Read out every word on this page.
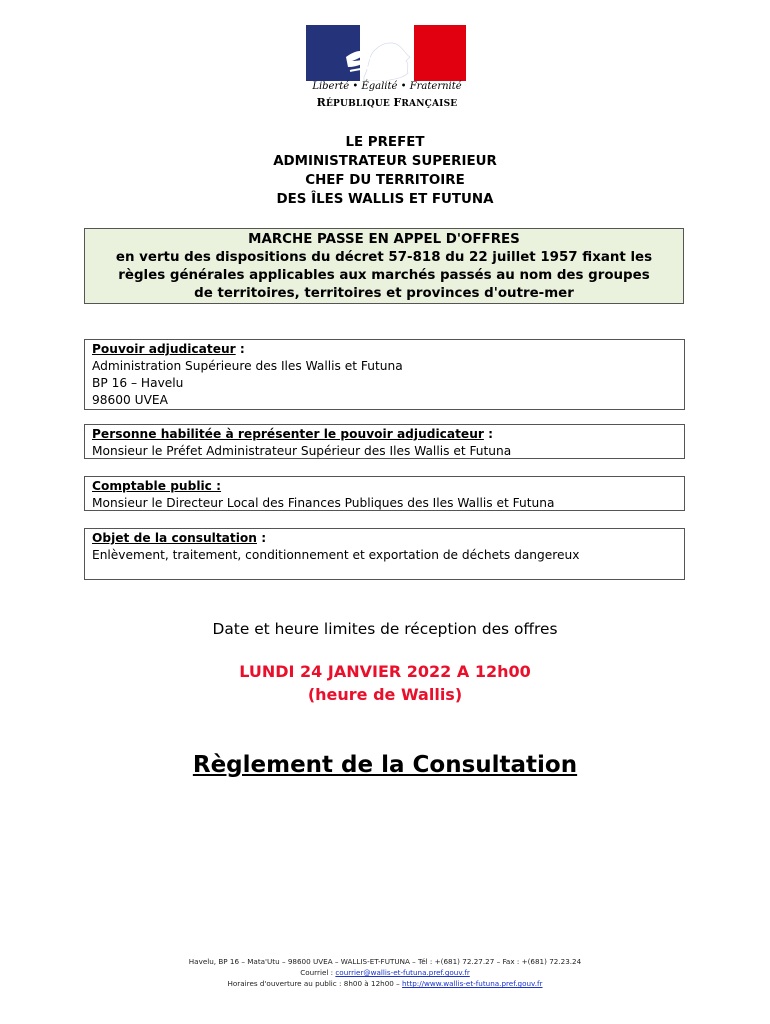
Liberté • Égalité • Fraternité
RÉPUBLIQUE FRANÇAISE
LE PREFET
ADMINISTRATEUR SUPERIEUR
CHEF DU TERRITOIRE
DES ÎLES WALLIS ET FUTUNA
MARCHE PASSE EN APPEL D'OFFRES
en vertu des dispositions du décret 57-818 du 22 juillet 1957 fixant les
règles générales applicables aux marchés passés au nom des groupes
de territoires, territoires et provinces d'outre-mer
Pouvoir adjudicateur :
Administration Supérieure des Iles Wallis et Futuna
BP 16 – Havelu
98600 UVEA
Personne habilitée à représenter le pouvoir adjudicateur :
Monsieur le Préfet Administrateur Supérieur des Iles Wallis et Futuna
Comptable public :
Monsieur le Directeur Local des Finances Publiques des Iles Wallis et Futuna
Objet de la consultation :
Enlèvement, traitement, conditionnement et exportation de déchets dangereux
Date et heure limites de réception des offres
LUNDI 24 JANVIER 2022 A 12h00
(heure de Wallis)
Règlement de la Consultation
Havelu, BP 16 – Mata'Utu – 98600 UVEA – WALLIS-ET-FUTUNA – Tél : +(681) 72.27.27 – Fax : +(681) 72.23.24
Courriel : courrier@wallis-et-futuna.pref.gouv.fr
Horaires d'ouverture au public : 8h00 à 12h00 – http://www.wallis-et-futuna.pref.gouv.fr
